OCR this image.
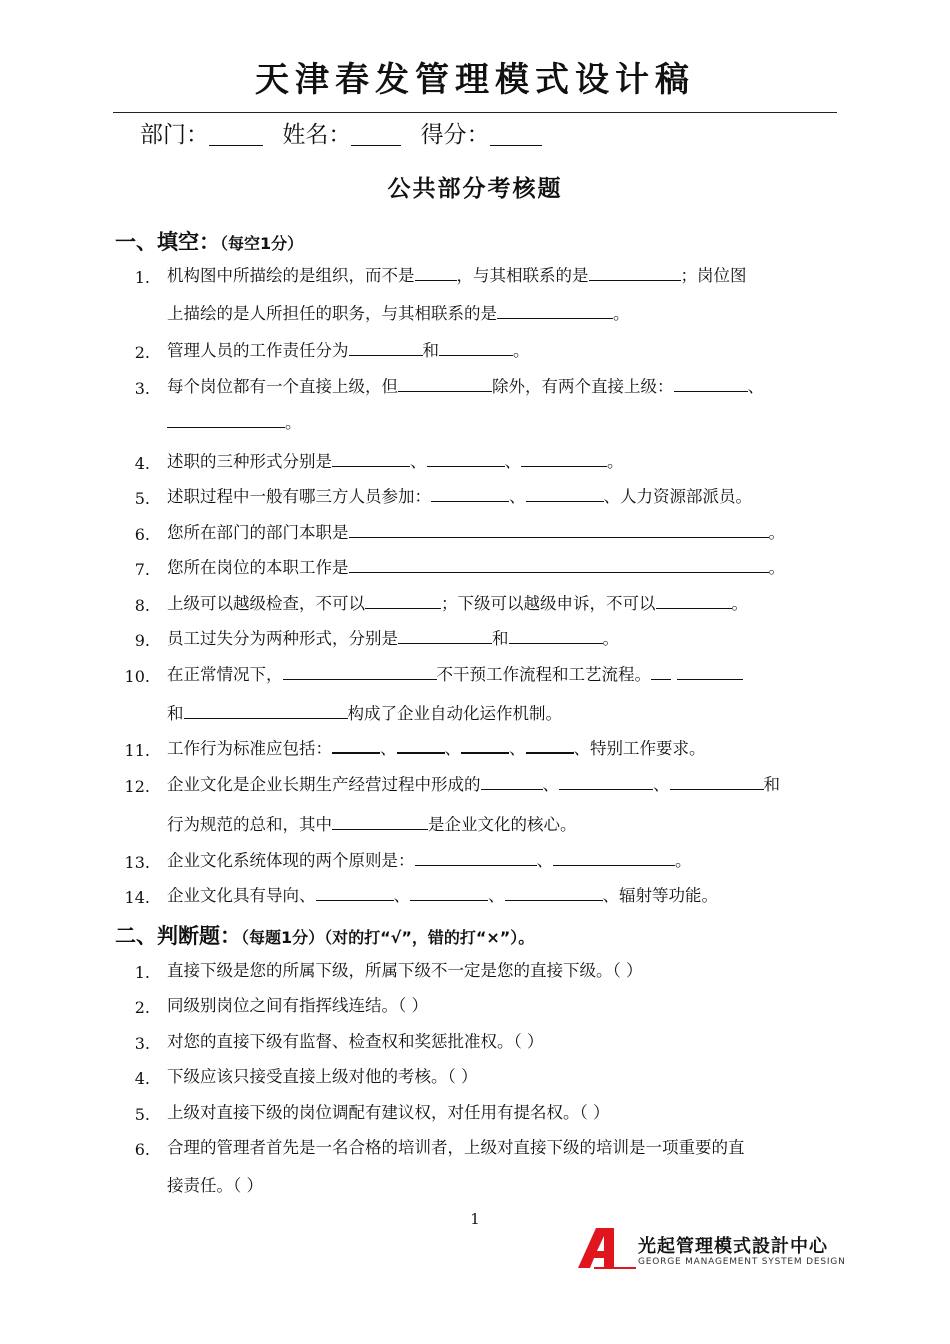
天津春发管理模式设计稿
部门：	姓名：	得分：
公共部分考核题
一、填空：（每空1分）
1. 机构图中所描绘的是组织，而不是	，与其相联系的是	；岗位图
上描绘的是人所担任的职务，与其相联系的是	。
2. 管理人员的工作责任分为	和	。
3. 每个岗位都有一个直接上级，但	除外，有两个直接上级：	、
。
4. 述职的三种形式分别是	、	、	。
5. 述职过程中一般有哪三方人员参加：	、	、人力资源部派员。
6. 您所在部门的部门本职是	。
7. 您所在岗位的本职工作是	。
8. 上级可以越级检查，不可以	；下级可以越级申诉，不可以	。
9. 员工过失分为两种形式，分别是	和	。
10. 在正常情况下，	不干预工作流程和工艺流程。
和	构成了企业自动化运作机制。
11. 工作行为标准应包括：	、	、	、	、特别工作要求。
12. 企业文化是企业长期生产经营过程中形成的	、	、	和
行为规范的总和，其中	是企业文化的核心。
13. 企业文化系统体现的两个原则是：	、	。
14. 企业文化具有导向、	、	、	、辐射等功能。
二、判断题：（每题1分）（对的打“√”，错的打“×”）。
1. 直接下级是您的所属下级，所属下级不一定是您的直接下级。（ ）
2. 同级别岗位之间有指挥线连结。（ ）
3. 对您的直接下级有监督、检查权和奖惩批准权。（ ）
4. 下级应该只接受直接上级对他的考核。（ ）
5. 上级对直接下级的岗位调配有建议权，对任用有提名权。（ ）
6. 合理的管理者首先是一名合格的培训者，上级对直接下级的培训是一项重要的直
接责任。（ ）
1
光起管理模式設計中心
GEORGE MANAGEMENT SYSTEM DESIGN
